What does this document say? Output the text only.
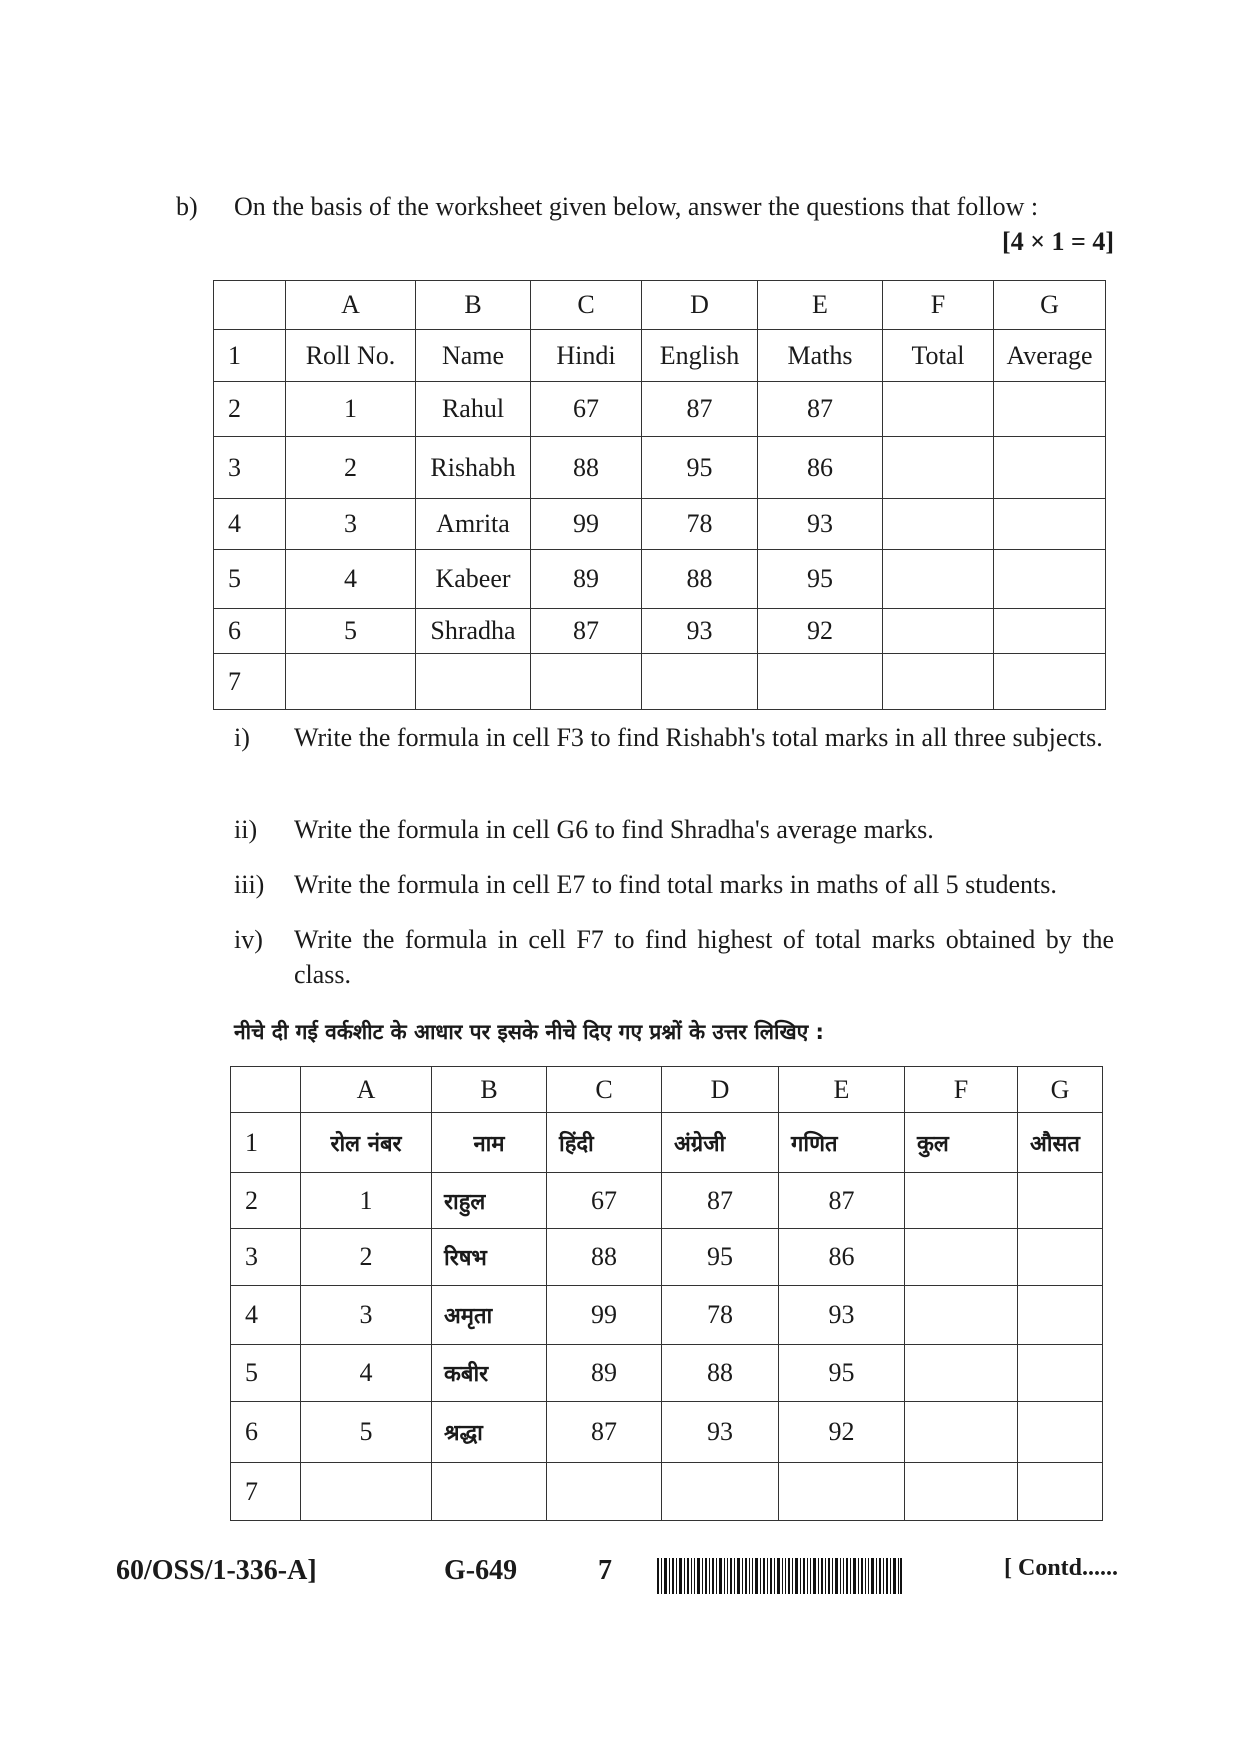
b) On the basis of the worksheet given below, answer the questions that follow :
[4 × 1 = 4]
	A	B	C	D	E	F	G
1	Roll No.	Name	Hindi	English	Maths	Total	Average
2	1	Rahul	67	87	87		
3	2	Rishabh	88	95	86		
4	3	Amrita	99	78	93		
5	4	Kabeer	89	88	95		
6	5	Shradha	87	93	92		
7							
i) Write the formula in cell F3 to find Rishabh's total marks in all three subjects.
ii) Write the formula in cell G6 to find Shradha's average marks.
iii) Write the formula in cell E7 to find total marks in maths of all 5 students.
iv) Write the formula in cell F7 to find highest of total marks obtained by the class.
नीचे दी गई वर्कशीट के आधार पर इसके नीचे दिए गए प्रश्नों के उत्तर लिखिए :
	A	B	C	D	E	F	G
1	रोल नंबर	नाम	हिंदी	अंग्रेजी	गणित	कुल	औसत
2	1	राहुल	67	87	87		
3	2	रिषभ	88	95	86		
4	3	अमृता	99	78	93		
5	4	कबीर	89	88	95		
6	5	श्रद्धा	87	93	92		
7							
60/OSS/1-336-A]	G-649	7	[ Contd......
